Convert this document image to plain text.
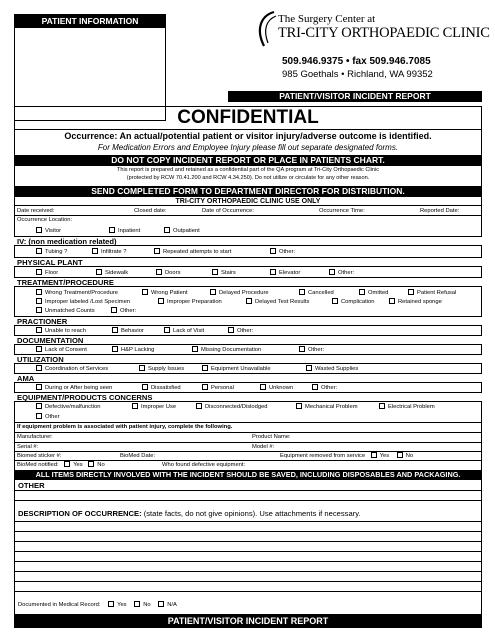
PATIENT INFORMATION	The Surgery Center at
TRI-CITY ORTHOPAEDIC CLINIC
509.946.9375 • fax 509.946.7085
985 Goethals • Richland, WA 99352
PATIENT/VISITOR INCIDENT REPORT
CONFIDENTIAL
Occurrence: An actual/potential patient or visitor injury/adverse outcome is identified.
For Medication Errors and Employee Injury please fill out separate designated forms.
DO NOT COPY INCIDENT REPORT OR PLACE IN PATIENTS CHART.
This report is prepared and retained as a confidential part of the QA program at Tri-City Orthopaedic Clinic
(protected by RCW 70.41.200 and RCW 4.34.250). Do not utilize or circulate for any other reason.
SEND COMPLETED FORM TO DEPARTMENT DIRECTOR FOR DISTRIBUTION.
TRI-CITY ORTHOPAEDIC CLINIC USE ONLY
Date received:	Closed date:	Date of Occurrence:	Occurrence Time:	Reported Date:
Occurrence Location:
Visitor	Inpatient	Outpatient
IV: (non medication related)
Tubing ?	Infiltrate ?	Repeated attempts to start	Other:
PHYSICAL PLANT
Floor	Sidewalk	Doors	Stairs	Elevator	Other:
TREATMENT/PROCEDURE
Wrong Treatment/Procedure	Wrong Patient	Delayed Procedure	Cancelled	Omitted	Patient Refusal
Improper labeled /Lost Specimen	Improper Preparation	Delayed Test Results	Complication	Retained sponge
Unmatched Counts	Other:
PRACTIONER
Unable to reach	Behavior	Lack of Visit	Other:
DOCUMENTATION
Lack of Consent	H&P Lacking	Missing Documentation	Other:
UTILIZATION
Coordination of Services	Supply Issues	Equipment Unavailable	Wasted Supplies
AMA
During or After being seen	Dissatisfied	Personal	Unknown	Other:
EQUIPMENT/PRODUCTS CONCERNS
Defective/malfunction	Improper Use	Disconnected/Dislodged	Mechanical Problem	Electrical Problem
Other
If equipment problem is associated with patient injury, complete the following.
Manufacturer:	Product Name:
Serial #:	Model #:
Biomed sticker #:	BioMed Date:	Equipment removed from service	Yes	No
BioMed notified:	Yes	No	Who found defective equipment:
ALL ITEMS DIRECTLY INVOLVED WITH THE INCIDENT SHOULD BE SAVED, INCLUDING DISPOSABLES AND PACKAGING.
OTHER
DESCRIPTION OF OCCURRENCE: (state facts, do not give opinions). Use attachments if necessary.
Documented in Medical Record:	Yes	No	N/A
PATIENT/VISITOR INCIDENT REPORT
